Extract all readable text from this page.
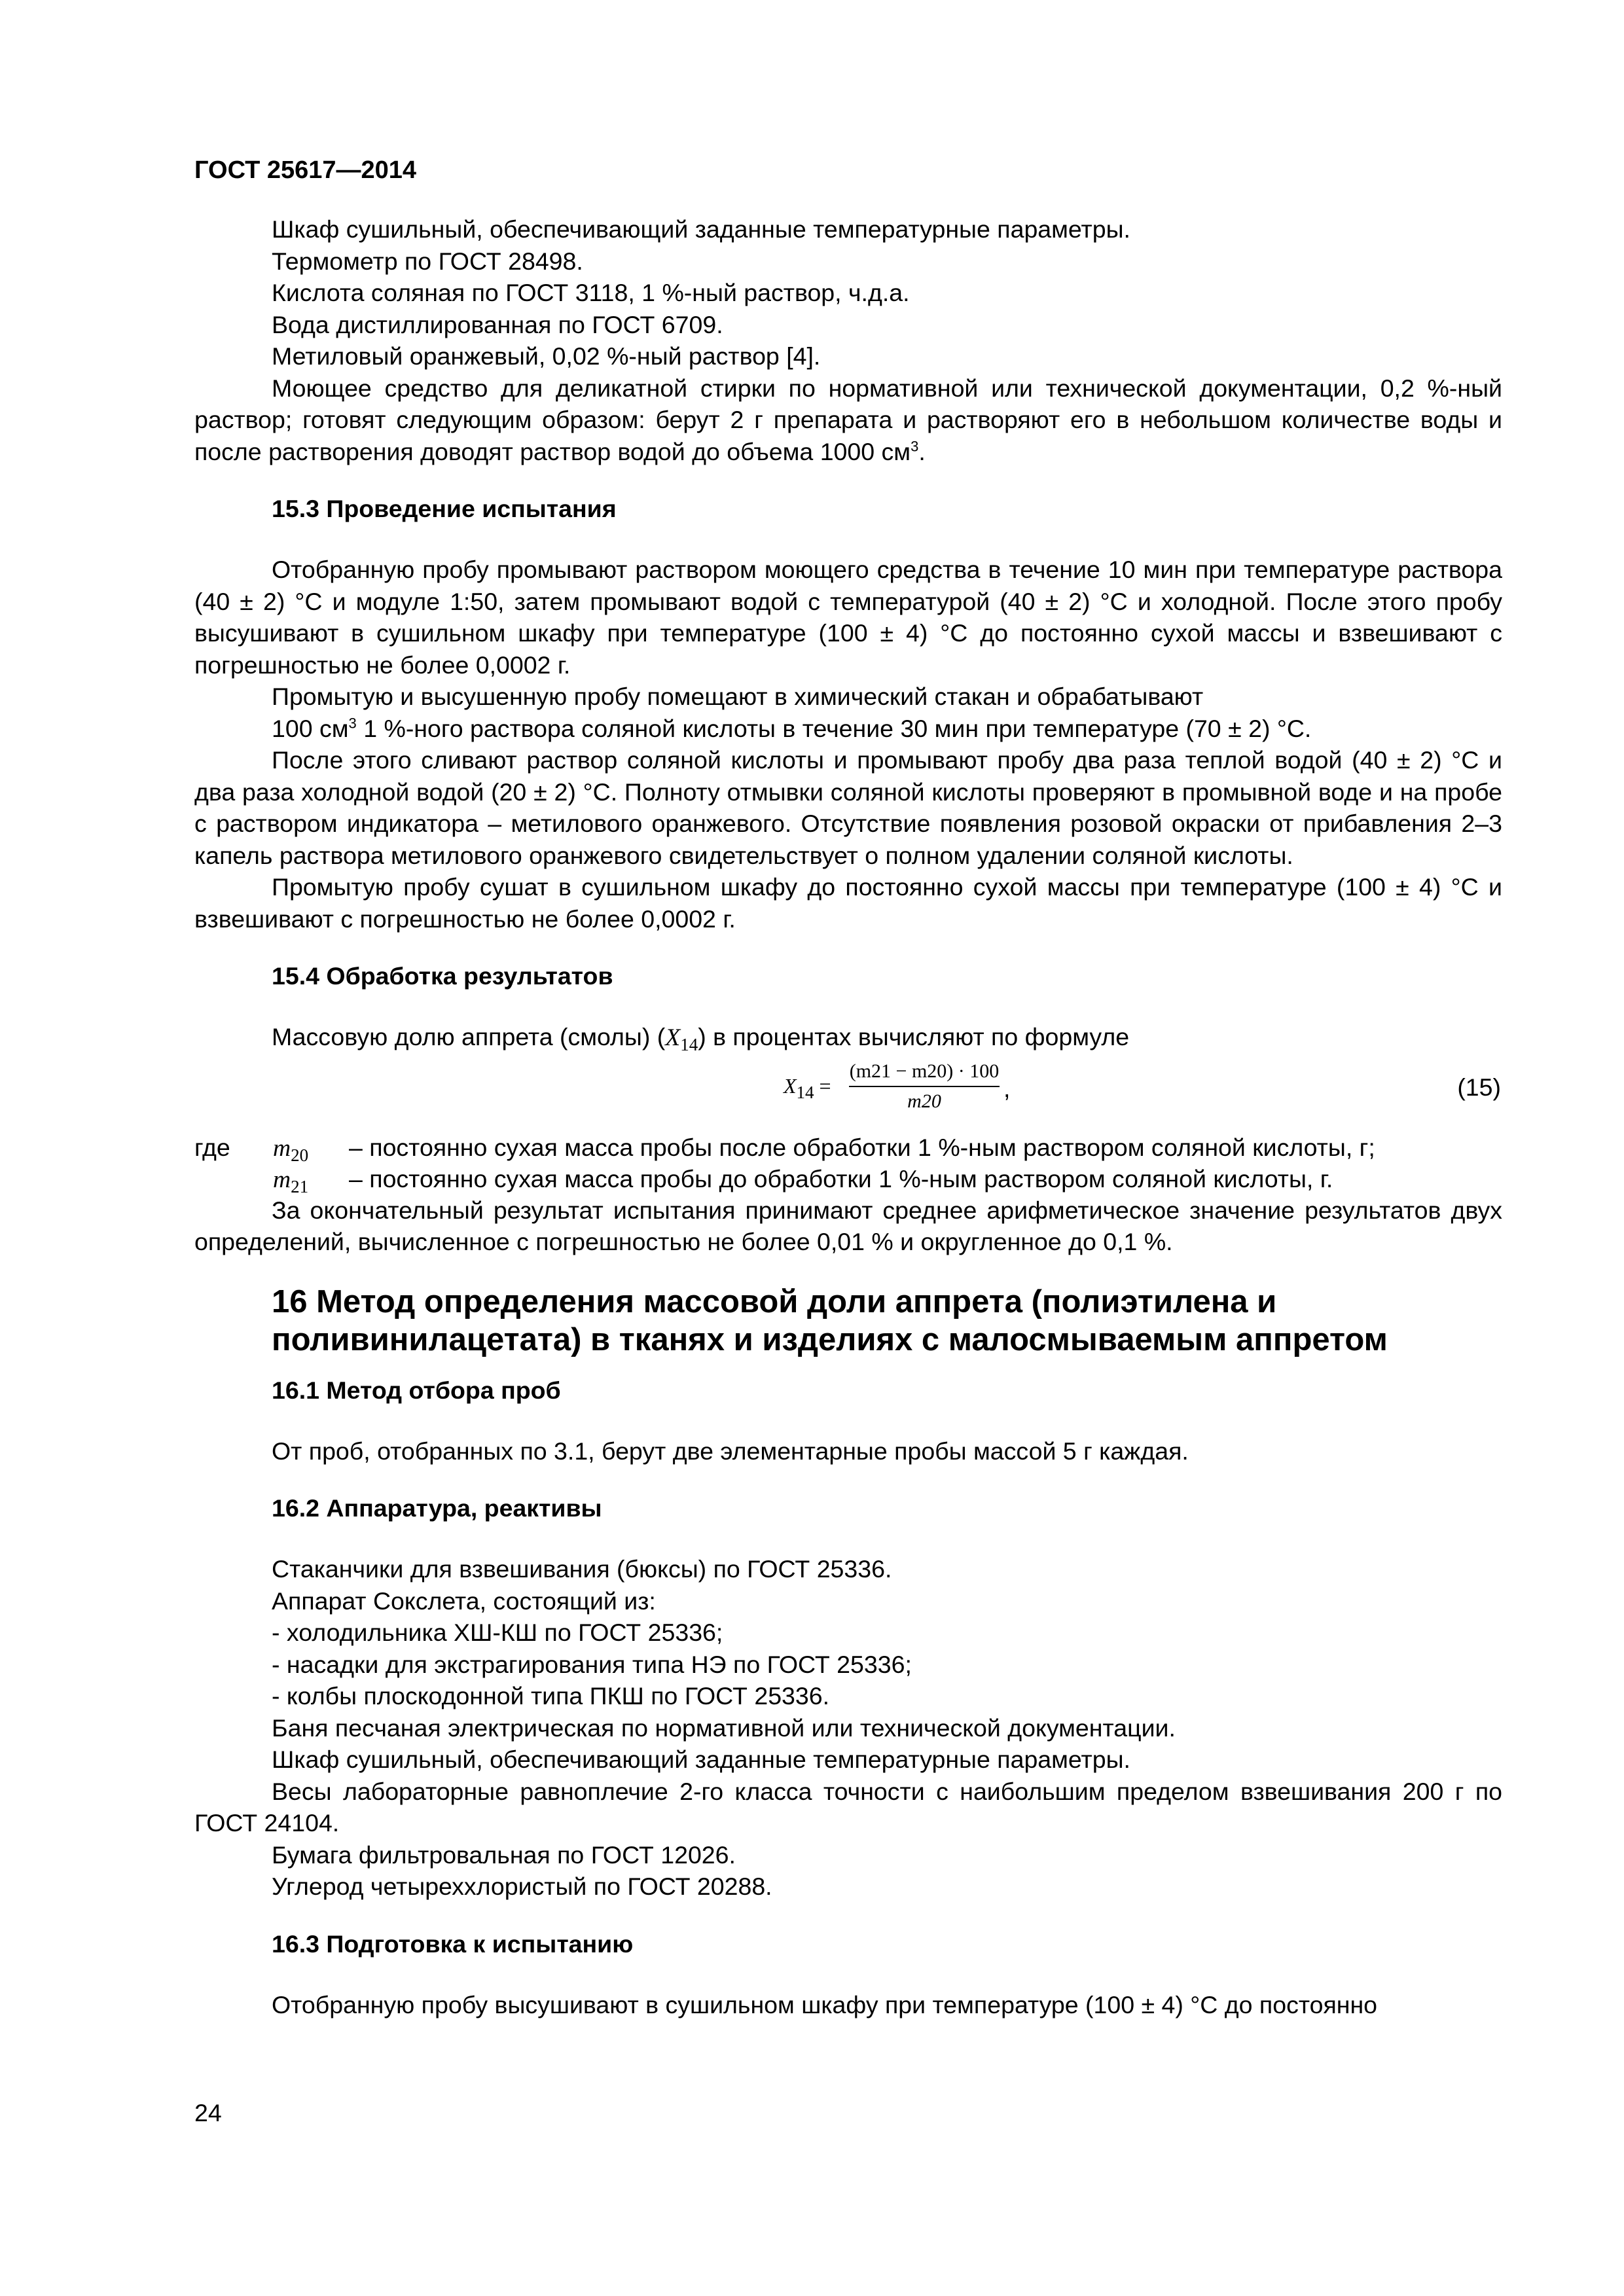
ГОСТ 25617—2014

Шкаф сушильный, обеспечивающий заданные температурные параметры.

Термометр по ГОСТ 28498.

Кислота соляная по ГОСТ 3118, 1 %-ный раствор, ч.д.а.

Вода дистиллированная по ГОСТ 6709.

Метиловый оранжевый, 0,02 %-ный раствор [4].

Моющее средство для деликатной стирки по нормативной или технической документации, 0,2 %-ный раствор; готовят следующим образом: берут 2 г препарата и растворяют его в небольшом количестве воды и после растворения доводят раствор водой до объема 1000 $см^3$.

15.3 Проведение испытания

Отобранную пробу промывают раствором моющего средства в течение 10 мин при температуре раствора (40 ± 2) °С и модуле 1:50, затем промывают водой с температурой (40 ± 2) °С и холодной. После этого пробу высушивают в сушильном шкафу при температуре (100 ± 4) °С до постоянно сухой массы и взвешивают с погрешностью не более 0,0002 г.

Промытую и высушенную пробу помещают в химический стакан и обрабатывают

100 $см^3$ 1 %-ного раствора соляной кислоты в течение 30 мин при температуре (70 ± 2) °С.

После этого сливают раствор соляной кислоты и промывают пробу два раза теплой водой (40 ± 2) °С и два раза холодной водой (20 ± 2) °С. Полноту отмывки соляной кислоты проверяют в промывной воде и на пробе с раствором индикатора – метилового оранжевого. Отсутствие появления розовой окраски от прибавления 2–3 капель раствора метилового оранжевого свидетельствует о полном удалении соляной кислоты.

Промытую пробу сушат в сушильном шкафу до постоянно сухой массы при температуре (100 ± 4) °С и взвешивают с погрешностью не более 0,0002 г.

15.4 Обработка результатов

Массовую долю аппрета (смолы) $(X_{14})$ в процентах вычисляют по формуле

$X_{14} = \frac{(m21 - m20) \cdot 100}{m20}$ ,	(15)
где $m_{20}$ – постоянно сухая масса пробы после обработки 1 %-ным раствором соляной кислоты, г;
$m_{21}$ – постоянно сухая масса пробы до обработки 1 %-ным раствором соляной кислоты, г.

За окончательный результат испытания принимают среднее арифметическое значение результатов двух определений, вычисленное с погрешностью не более 0,01 % и округленное до 0,1 %.

16 Метод определения массовой доли аппрета (полиэтилена и поливинилацетата) в тканях и изделиях с малосмываемым аппретом
16.1 Метод отбора проб

От проб, отобранных по 3.1, берут две элементарные пробы массой 5 г каждая.

16.2 Аппаратура, реактивы

Стаканчики для взвешивания (бюксы) по ГОСТ 25336.

Аппарат Сокслета, состоящий из:

- холодильника ХШ-КШ по ГОСТ 25336;

- насадки для экстрагирования типа НЭ по ГОСТ 25336;

- колбы плоскодонной типа ПКШ по ГОСТ 25336.

Баня песчаная электрическая по нормативной или технической документации.

Шкаф сушильный, обеспечивающий заданные температурные параметры.

Весы лабораторные равноплечие 2-го класса точности с наибольшим пределом взвешивания 200 г по ГОСТ 24104.

Бумага фильтровальная по ГОСТ 12026.

Углерод четыреххлористый по ГОСТ 20288.

16.3 Подготовка к испытанию

Отобранную пробу высушивают в сушильном шкафу при температуре (100 ± 4) °С до постоянно

24
